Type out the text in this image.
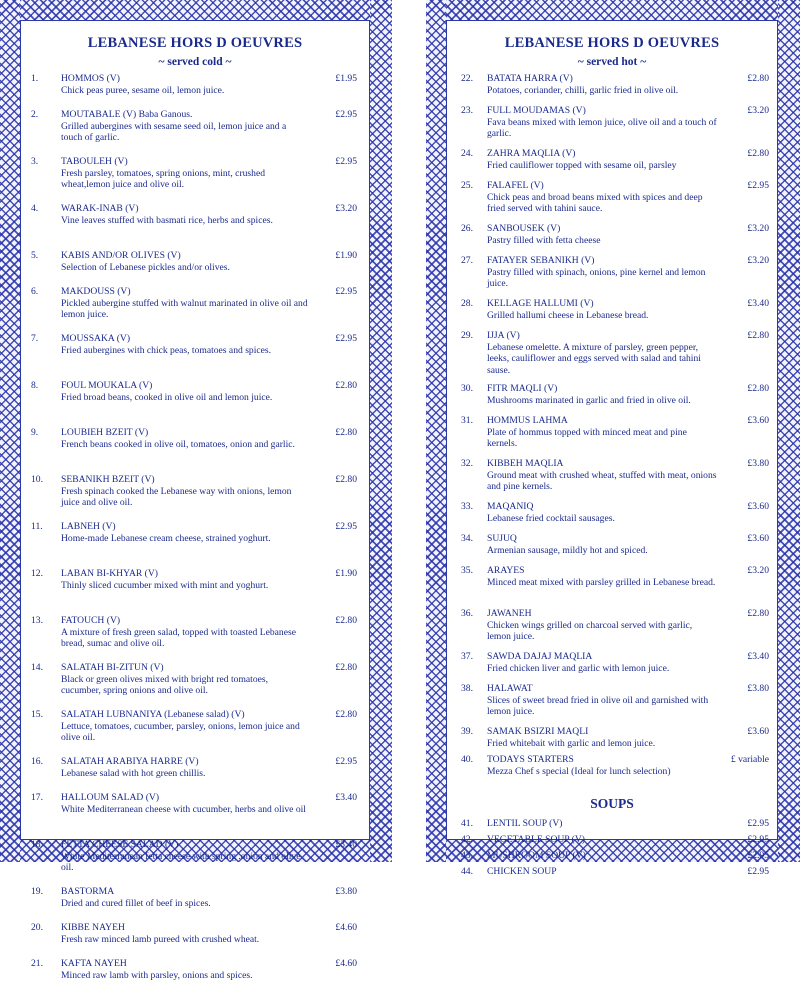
LEBANESE HORS D OEUVRES
~ served cold ~
1. HOMMOS (V)
Chick peas puree, sesame oil, lemon juice.
£1.95
2. MOUTABALE (V) Baba Ganous.
Grilled aubergines with sesame seed oil, lemon juice and a touch of garlic.
£2.95
3. TABOULEH (V)
Fresh parsley, tomatoes, spring onions, mint, crushed wheat,lemon juice and olive oil.
£2.95
4. WARAK-INAB (V)
Vine leaves stuffed with basmati rice, herbs and spices.
£3.20
5. KABIS AND/OR OLIVES (V)
Selection of Lebanese pickles and/or olives.
£1.90
6. MAKDOUSS (V)
Pickled aubergine stuffed with walnut marinated in olive oil and lemon juice.
£2.95
7. MOUSSAKA (V)
Fried aubergines with chick peas, tomatoes and spices.
£2.95
8. FOUL MOUKALA (V)
Fried broad beans, cooked in olive oil and lemon juice.
£2.80
9. LOUBIEH BZEIT (V)
French beans cooked in olive oil, tomatoes, onion and garlic.
£2.80
10. SEBANIKH BZEIT (V)
Fresh spinach cooked the Lebanese way with onions, lemon juice and olive oil.
£2.80
11. LABNEH (V)
Home-made Lebanese cream cheese, strained yoghurt.
£2.95
12. LABAN BI-KHYAR (V)
Thinly sliced cucumber mixed with mint and yoghurt.
£1.90
13. FATOUCH (V)
A mixture of fresh green salad, topped with toasted Lebanese bread, sumac and olive oil.
£2.80
14. SALATAH BI-ZITUN (V)
Black or green olives mixed with bright red tomatoes, cucumber, spring onions and olive oil.
£2.80
15. SALATAH LUBNANIYA (Lebanese salad) (V)
Lettuce, tomatoes, cucumber, parsley, onions, lemon juice and olive oil.
£2.80
16. SALATAH ARABIYA HARRE (V)
Lebanese salad with hot green chillis.
£2.95
17. HALLOUM SALAD (V)
White Mediterranean cheese with cucumber, herbs and olive oil
£3.40
18. FETTA CHEESE SALAD (V)
White Mediterranean fetta cheese with spring .onion and olive oil.
£3.40
19. BASTORMA
Dried and cured fillet of beef in spices.
£3.80
20. KIBBE NAYEH
Fresh raw minced lamb pureed with crushed wheat.
£4.60
21. KAFTA NAYEH
Minced raw lamb with parsley, onions and spices.
£4.60
LEBANESE HORS D OEUVRES
~ served hot ~
22. BATATA HARRA (V)
Potatoes, coriander, chilli, garlic fried in olive oil.
£2.80
23. FULL MOUDAMAS (V)
Fava beans mixed with lemon juice, olive oil and a touch of garlic.
£3.20
24. ZAHRA MAQLIA (V)
Fried cauliflower topped with sesame oil, parsley
£2.80
25. FALAFEL (V)
Chick peas and broad beans mixed with spices and deep fried served with tahini sauce.
£2.95
26. SANBOUSEK (V)
Pastry filled with fetta cheese
£3.20
27. FATAYER SEBANIKH (V)
Pastry filled with spinach, onions, pine kernel and lemon juice.
£3.20
28. KELLAGE HALLUMI (V)
Grilled hallumi cheese in Lebanese bread.
£3.40
29. IJJA (V)
Lebanese omelette. A mixture of parsley, green pepper, leeks, cauliflower and eggs served with salad and tahini sause.
£2.80
30. FITR MAQLI (V)
Mushrooms marinated in garlic and fried in olive oil.
£2.80
31. HOMMUS LAHMA
Plate of hommus topped with minced meat and pine kernels.
£3.60
32. KIBBEH MAQLIA
Ground meat with crushed wheat, stuffed with meat, onions and pine kernels.
£3.80
33. MAQANIQ
Lebanese fried cocktail sausages.
£3.60
34. SUJUQ
Armenian sausage, mildly hot and spiced.
£3.60
35. ARAYES
Minced meat mixed with parsley grilled in Lebanese bread.
£3.20
36. JAWANEH
Chicken wings grilled on charcoal served with garlic, lemon juice.
£2.80
37. SAWDA DAJAJ MAQLIA
Fried chicken liver and garlic with lemon juice.
£3.40
38. HALAWAT
Slices of sweet bread fried in olive oil and garnished with lemon juice.
£3.80
39. SAMAK BSIZRI MAQLI
Fried whitebait with garlic and lemon juice.
£3.60
40. TODAYS STARTERS
Mezza Chef s special (Ideal for lunch selection)
£ variable
SOUPS
41. LENTIL SOUP (V)	£2.95
42. VEGETABLE SOUP (V)	£2.95
43. MUSHROOM SOUP (V)	£2.95
44. CHICKEN SOUP	£2.95
